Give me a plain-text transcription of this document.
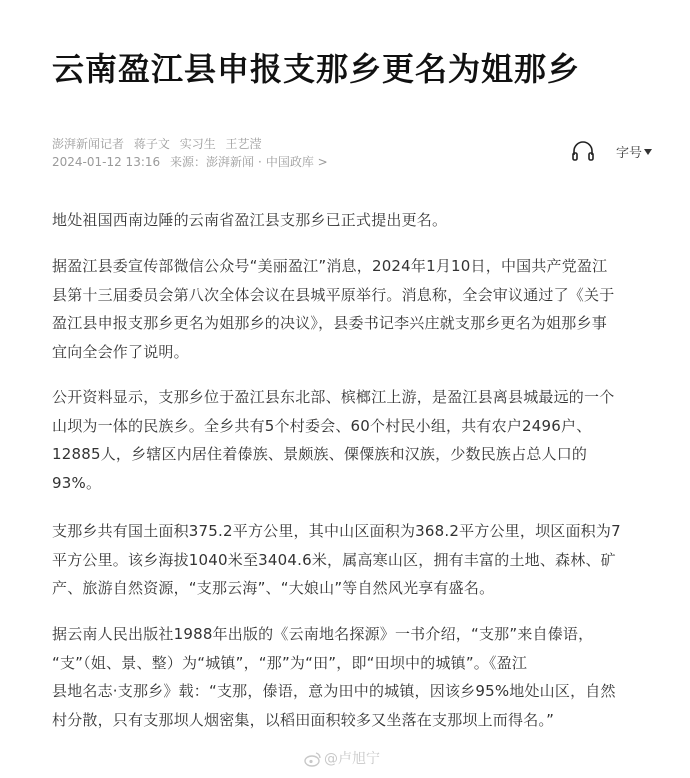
云南盈江县申报支那乡更名为姐那乡
澎湃新闻记者 蒋子文 实习生 王艺滢
2024-01-12 13:16 来源：澎湃新闻 · 中国政库 >
字号
地处祖国西南边陲的云南省盈江县支那乡已正式提出更名。
据盈江县委宣传部微信公众号“美丽盈江”消息，2024年1月10日，中国共产党盈江
县第十三届委员会第八次全体会议在县城平原举行。消息称，全会审议通过了《关于
盈江县申报支那乡更名为姐那乡的决议》，县委书记李兴庄就支那乡更名为姐那乡事
宜向全会作了说明。
公开资料显示，支那乡位于盈江县东北部、槟榔江上游，是盈江县离县城最远的一个
山坝为一体的民族乡。全乡共有5个村委会、60个村民小组，共有农户2496户、
12885人，乡辖区内居住着傣族、景颇族、傈僳族和汉族，少数民族占总人口的
93%。
支那乡共有国土面积375.2平方公里，其中山区面积为368.2平方公里，坝区面积为7
平方公里。该乡海拔1040米至3404.6米，属高寒山区，拥有丰富的土地、森林、矿
产、旅游自然资源，“支那云海”、“大娘山”等自然风光享有盛名。
据云南人民出版社1988年出版的《云南地名探源》一书介绍，“支那”来自傣语，
“支”（姐、景、整）为“城镇”，“那”为“田”，即“田坝中的城镇”。《盈江
县地名志·支那乡》载：“支那，傣语，意为田中的城镇，因该乡95%地处山区，自然
村分散，只有支那坝人烟密集，以稻田面积较多又坐落在支那坝上而得名。”
@卢旭宁
